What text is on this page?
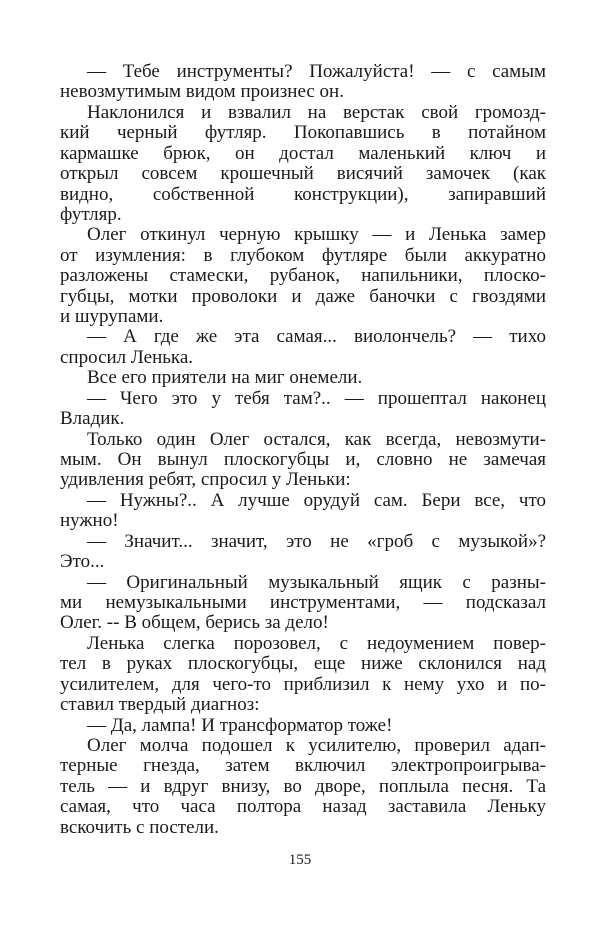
— Тебе инструменты? Пожалуйста! — с самым
невозмутимым видом произнес он.
Наклонился и взвалил на верстак свой громозд-
кий черный футляр. Покопавшись в потайном
кармашке брюк, он достал маленький ключ и
открыл совсем крошечный висячий замочек (как
видно, собственной конструкции), запиравший
футляр.
Олег откинул черную крышку — и Ленька замер
от изумления: в глубоком футляре были аккуратно
разложены стамески, рубанок, напильники, плоско-
губцы, мотки проволоки и даже баночки с гвоздями
и шурупами.
— А где же эта самая... виолончель? — тихо
спросил Ленька.
Все его приятели на миг онемели.
— Чего это у тебя там?.. — прошептал наконец
Владик.
Только один Олег остался, как всегда, невозмути-
мым. Он вынул плоскогубцы и, словно не замечая
удивления ребят, спросил у Леньки:
— Нужны?.. А лучше орудуй сам. Бери все, что
нужно!
— Значит... значит, это не «гроб с музыкой»?
Это...
— Оригинальный музыкальный ящик с разны-
ми немузыкальными инструментами, — подсказал
Олег. -- В общем, берись за дело!
Ленька слегка порозовел, с недоумением повер-
тел в руках плоскогубцы, еще ниже склонился над
усилителем, для чего-то приблизил к нему ухо и по-
ставил твердый диагноз:
— Да, лампа! И трансформатор тоже!
Олег молча подошел к усилителю, проверил адап-
терные гнезда, затем включил электропроигрыва-
тель — и вдруг внизу, во дворе, поплыла песня. Та
самая, что часа полтора назад заставила Леньку
вскочить с постели.
155
